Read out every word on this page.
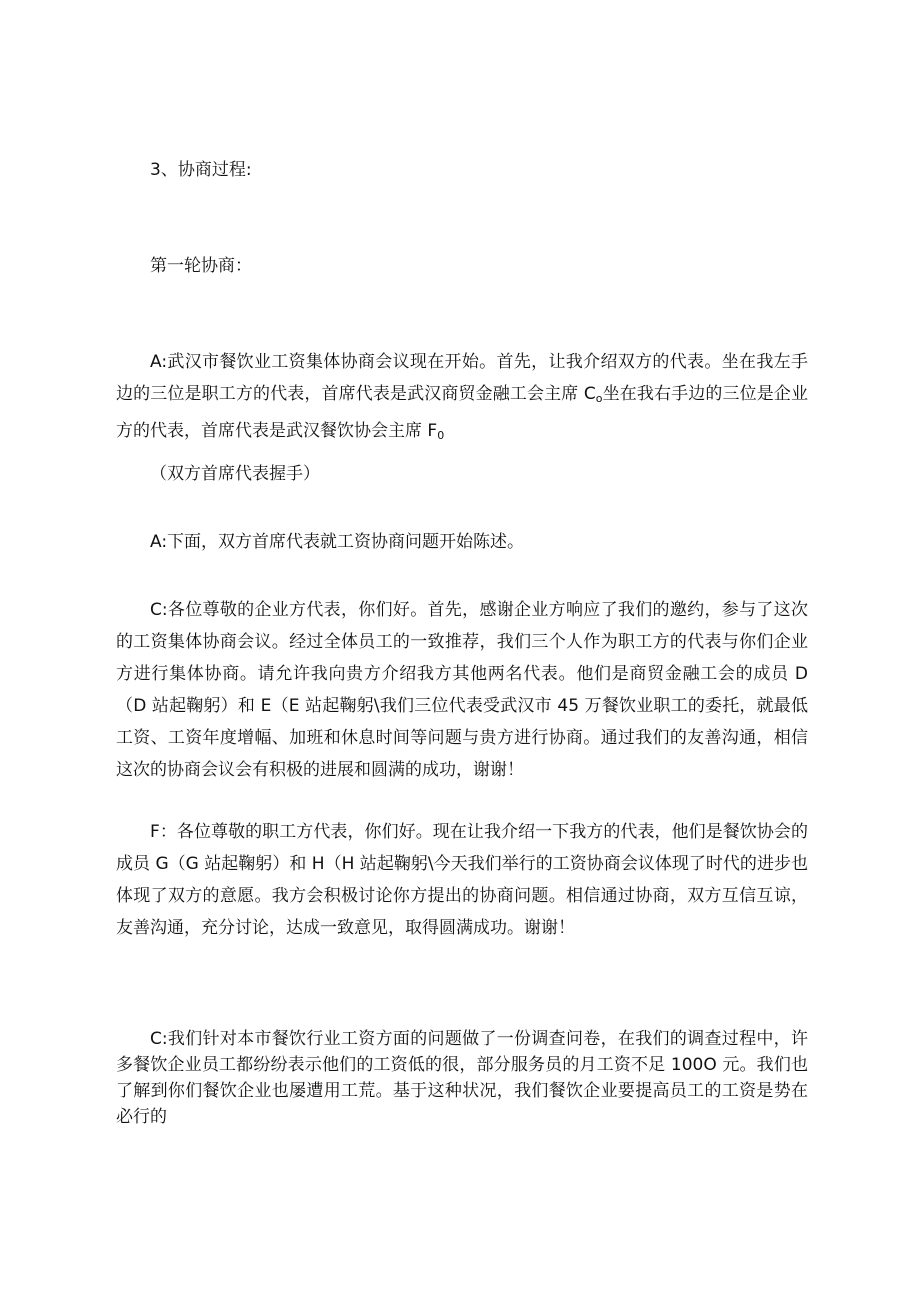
3、协商过程:

第一轮协商：

A:武汉市餐饮业工资集体协商会议现在开始。首先，让我介绍双方的代表。坐在我左手边的三位是职工方的代表，首席代表是武汉商贸金融工会主席 $C_o$坐在我右手边的三位是企业方的代表，首席代表是武汉餐饮协会主席 $F_0$

（双方首席代表握手）

A:下面，双方首席代表就工资协商问题开始陈述。

C:各位尊敬的企业方代表，你们好。首先，感谢企业方响应了我们的邀约，参与了这次的工资集体协商会议。经过全体员工的一致推荐，我们三个人作为职工方的代表与你们企业方进行集体协商。请允许我向贵方介绍我方其他两名代表。他们是商贸金融工会的成员 D（D 站起鞠躬）和 E（E 站起鞠躬\我们三位代表受武汉市 45 万餐饮业职工的委托，就最低工资、工资年度增幅、加班和休息时间等问题与贵方进行协商。通过我们的友善沟通，相信这次的协商会议会有积极的进展和圆满的成功，谢谢！

F：各位尊敬的职工方代表，你们好。现在让我介绍一下我方的代表，他们是餐饮协会的成员 G（G 站起鞠躬）和 H（H 站起鞠躬\今天我们举行的工资协商会议体现了时代的进步也体现了双方的意愿。我方会积极讨论你方提出的协商问题。相信通过协商，双方互信互谅，友善沟通，充分讨论，达成一致意见，取得圆满成功。谢谢！

C:我们针对本市餐饮行业工资方面的问题做了一份调查问卷，在我们的调查过程中，许多餐饮企业员工都纷纷表示他们的工资低的很，部分服务员的月工资不足 100O 元。我们也了解到你们餐饮企业也屡遭用工荒。基于这种状况，我们餐饮企业要提高员工的工资是势在必行的
